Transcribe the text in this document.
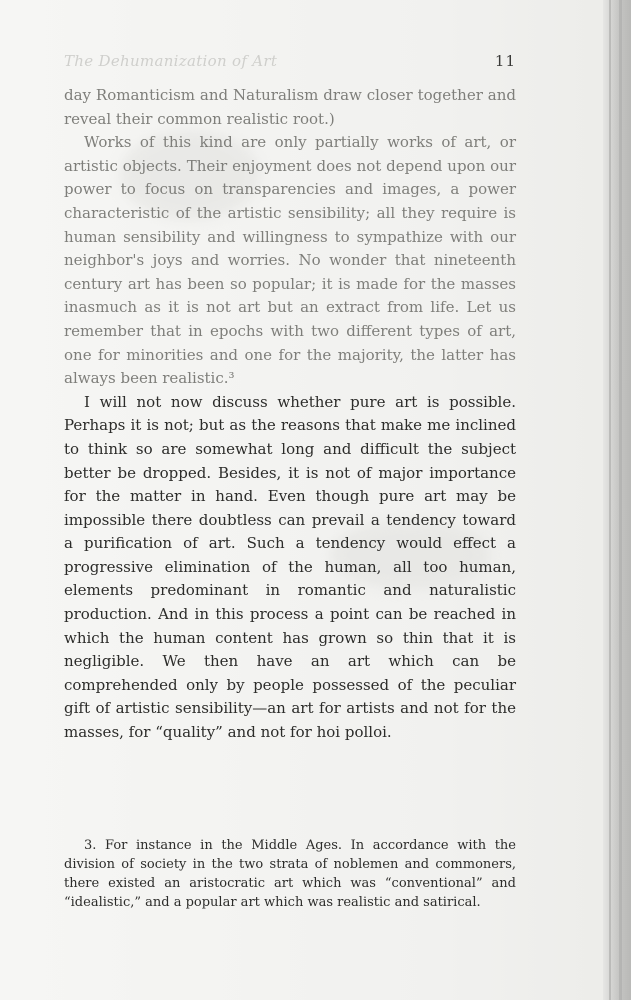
The Dehumanization of Art	11

day Romanticism and Naturalism draw closer together and reveal their common realistic root.)

Works of this kind are only partially works of art, or artistic objects. Their enjoyment does not depend upon our power to focus on transparencies and images, a power characteristic of the artistic sensibility; all they require is human sensibility and willingness to sympathize with our neighbor's joys and worries. No wonder that nineteenth century art has been so popular; it is made for the masses inasmuch as it is not art but an extract from life. Let us remember that in epochs with two different types of art, one for minorities and one for the majority, the latter has always been realistic.³

I will not now discuss whether pure art is possible. Perhaps it is not; but as the reasons that make me inclined to think so are somewhat long and difficult the subject better be dropped. Besides, it is not of major importance for the matter in hand. Even though pure art may be impossible there doubtless can prevail a tendency toward a purification of art. Such a tendency would effect a progressive elimination of the human, all too human, elements predominant in romantic and naturalistic production. And in this process a point can be reached in which the human content has grown so thin that it is negligible. We then have an art which can be comprehended only by people possessed of the peculiar gift of artistic sensibility—an art for artists and not for the masses, for “quality” and not for hoi polloi.

3. For instance in the Middle Ages. In accordance with the division of society in the two strata of noblemen and commoners, there existed an aristocratic art which was “conventional” and “idealistic,” and a popular art which was realistic and satirical.
